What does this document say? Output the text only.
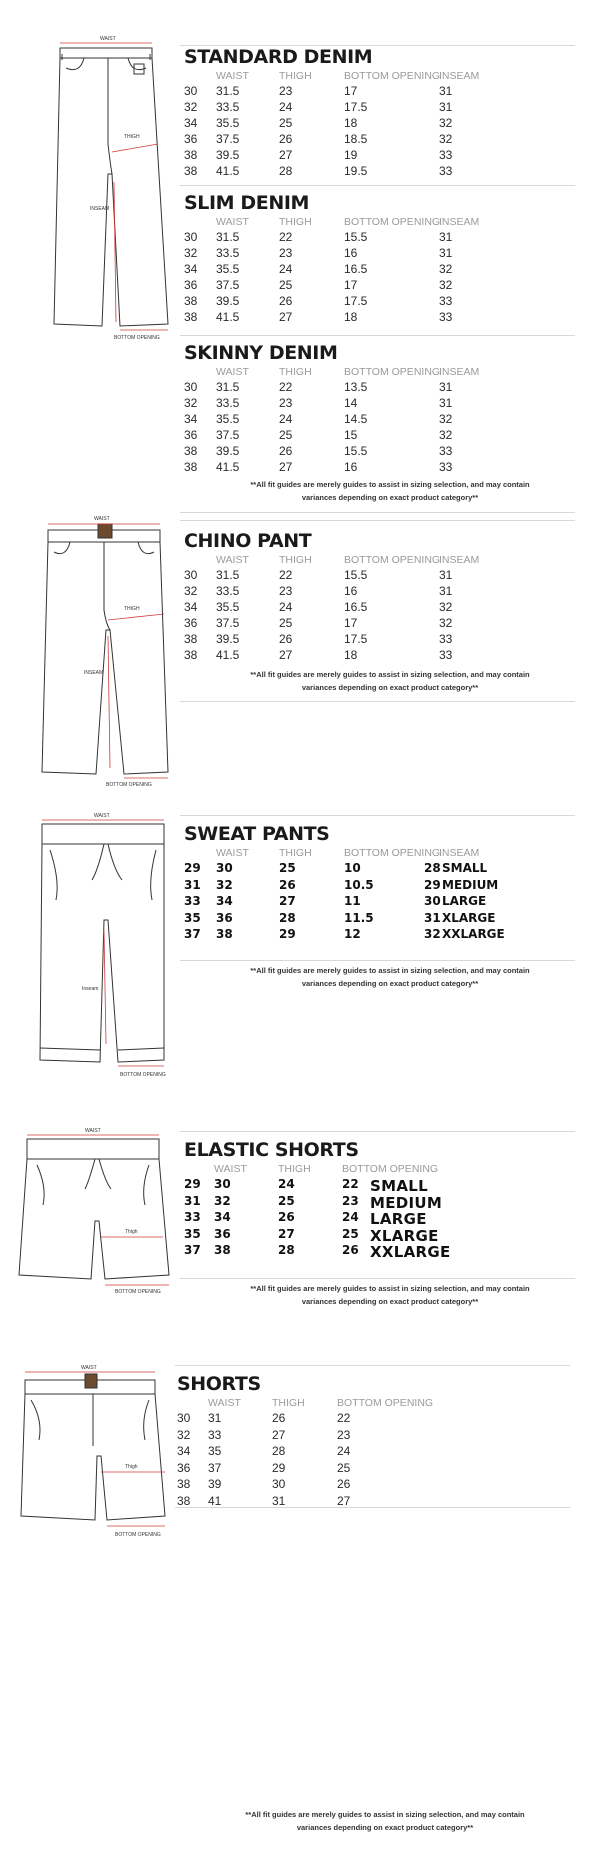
WAIST
THIGH
INSEAM
BOTTOM OPENING
STANDARD DENIM
WAIST	THIGH	BOTTOM OPENING
INSEAM
30 31.5	23	17	31
32 33.5	24	17.5	31
34 35.5	25	18	32
36 37.5	26	18.5	32
38 39.5	27	19	33
38 41.5	28	19.5	33
SLIM DENIM
WAIST	THIGH	BOTTOM OPENING
INSEAM
30 31.5	22	15.5	31
32 33.5	23	16	31
34 35.5	24	16.5	32
36 37.5	25	17	32
38 39.5	26	17.5	33
38 41.5	27	18	33
SKINNY DENIM
WAIST	THIGH	BOTTOM OPENING
INSEAM
30 31.5	22	13.5	31
32 33.5	23	14	31
34 35.5	24	14.5	32
36 37.5	25	15	32
38 39.5	26	15.5	33
38 41.5	27	16	33
**All fit guides are merely guides to assist in sizing selection, and may contain
variances depending on exact product category**
WAIST
THIGH
INSEAM
BOTTOM OPENING
CHINO PANT
WAIST	THIGH	BOTTOM OPENING
INSEAM
30 31.5	22	15.5	31
32 33.5	23	16	31
34 35.5	24	16.5	32
36 37.5	25	17	32
38 39.5	26	17.5	33
38 41.5	27	18	33
**All fit guides are merely guides to assist in sizing selection, and may contain
variances depending on exact product category**
WAIST
Inseam
BOTTOM OPENING
SWEAT PANTS
WAIST	THIGH	BOTTOM OPENING
INSEAM
29 30	25	10	28 SMALL
31 32	26	10.5	29 MEDIUM
33 34	27	11	30 LARGE
35 36	28	11.5	31 XLARGE
37 38	29	12	32 XXLARGE
**All fit guides are merely guides to assist in sizing selection, and may contain
variances depending on exact product category**
WAIST
Thigh
BOTTOM OPENING
ELASTIC SHORTS
WAIST	THIGH	BOTTOM OPENING
29 30	24	22 SMALL
31 32	25	23 MEDIUM
33 34	26	24 LARGE
35 36	27	25 XLARGE
37 38	28	26 XXLARGE
**All fit guides are merely guides to assist in sizing selection, and may contain
variances depending on exact product category**
WAIST
Thigh
BOTTOM OPENING
SHORTS
WAIST	THIGH	BOTTOM OPENING
30 31	26	22
32 33	27	23
34 35	28	24
36 37	29	25
38 39	30	26
38 41	31	27
**All fit guides are merely guides to assist in sizing selection, and may contain
variances depending on exact product category**
